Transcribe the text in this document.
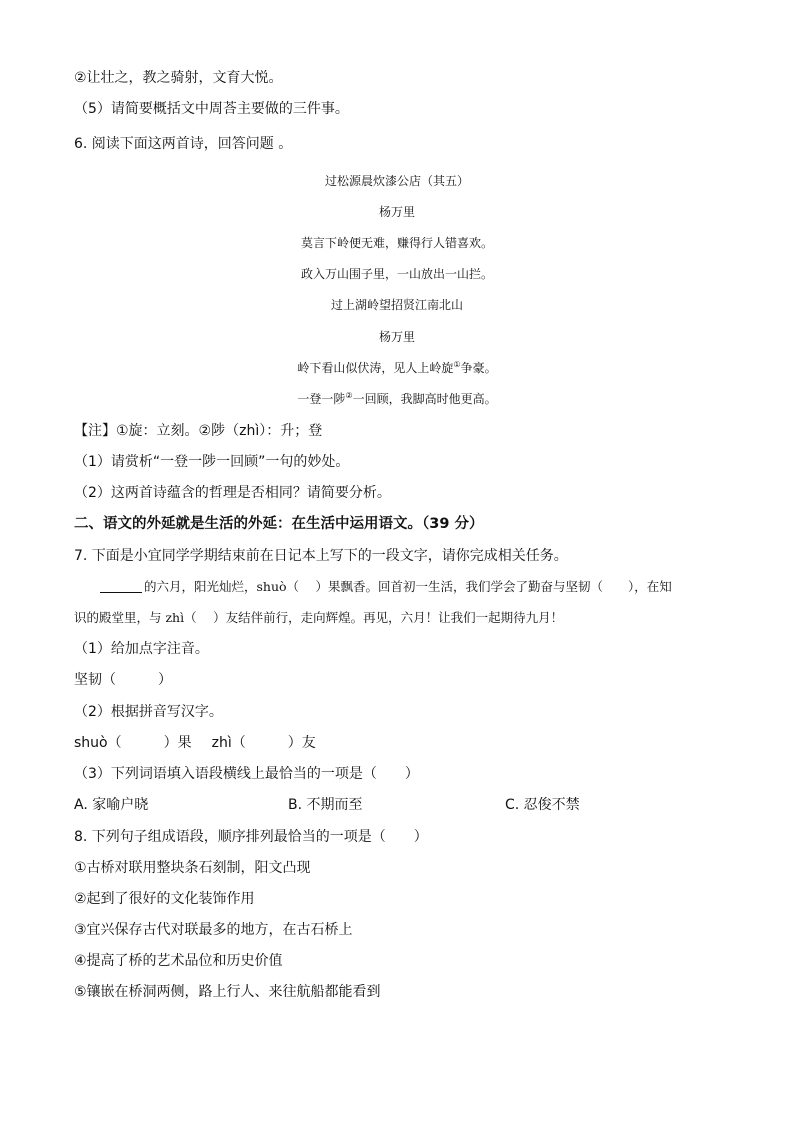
②让壮之，教之骑射，文育大悦。
（5）请简要概括文中周荅主要做的三件事。
6. 阅读下面这两首诗，回答问题 。
过松源晨炊漆公店（其五）
杨万里
莫言下岭便无难，赚得行人错喜欢。
政入万山围子里，一山放出一山拦。
过上湖岭望招贤江南北山
杨万里
岭下看山似伏涛，见人上岭旋①争豪。
一登一陟②一回顾，我脚高时他更高。
【注】①旋：立刻。②陟（zhì）：升；登
（1）请赏析“一登一陟一回顾”一句的妙处。
（2）这两首诗蕴含的哲理是否相同？请简要分析。
二、语文的外延就是生活的外延：在生活中运用语文。（39 分）
7. 下面是小宜同学学期结束前在日记本上写下的一段文字，请你完成相关任务。
的六月，阳光灿烂，shuò（　 ）果飘香。回首初一生活，我们学会了勤奋与坚韧（　　），在知
识的殿堂里，与 zhì（　 ）友结伴前行，走向辉煌。再见，六月！让我们一起期待九月！
（1）给加点字注音。
坚韧（　　　）
（2）根据拼音写汉字。
shuò（　　　）果 zhì（　　　）友
（3）下列词语填入语段横线上最恰当的一项是（　　）
A. 家喻户晓	B. 不期而至	C. 忍俊不禁
8. 下列句子组成语段，顺序排列最恰当的一项是（　　）
①古桥对联用整块条石刻制，阳文凸现
②起到了很好的文化装饰作用
③宜兴保存古代对联最多的地方，在古石桥上
④提高了桥的艺术品位和历史价值
⑤镶嵌在桥洞两侧，路上行人、来往航船都能看到
